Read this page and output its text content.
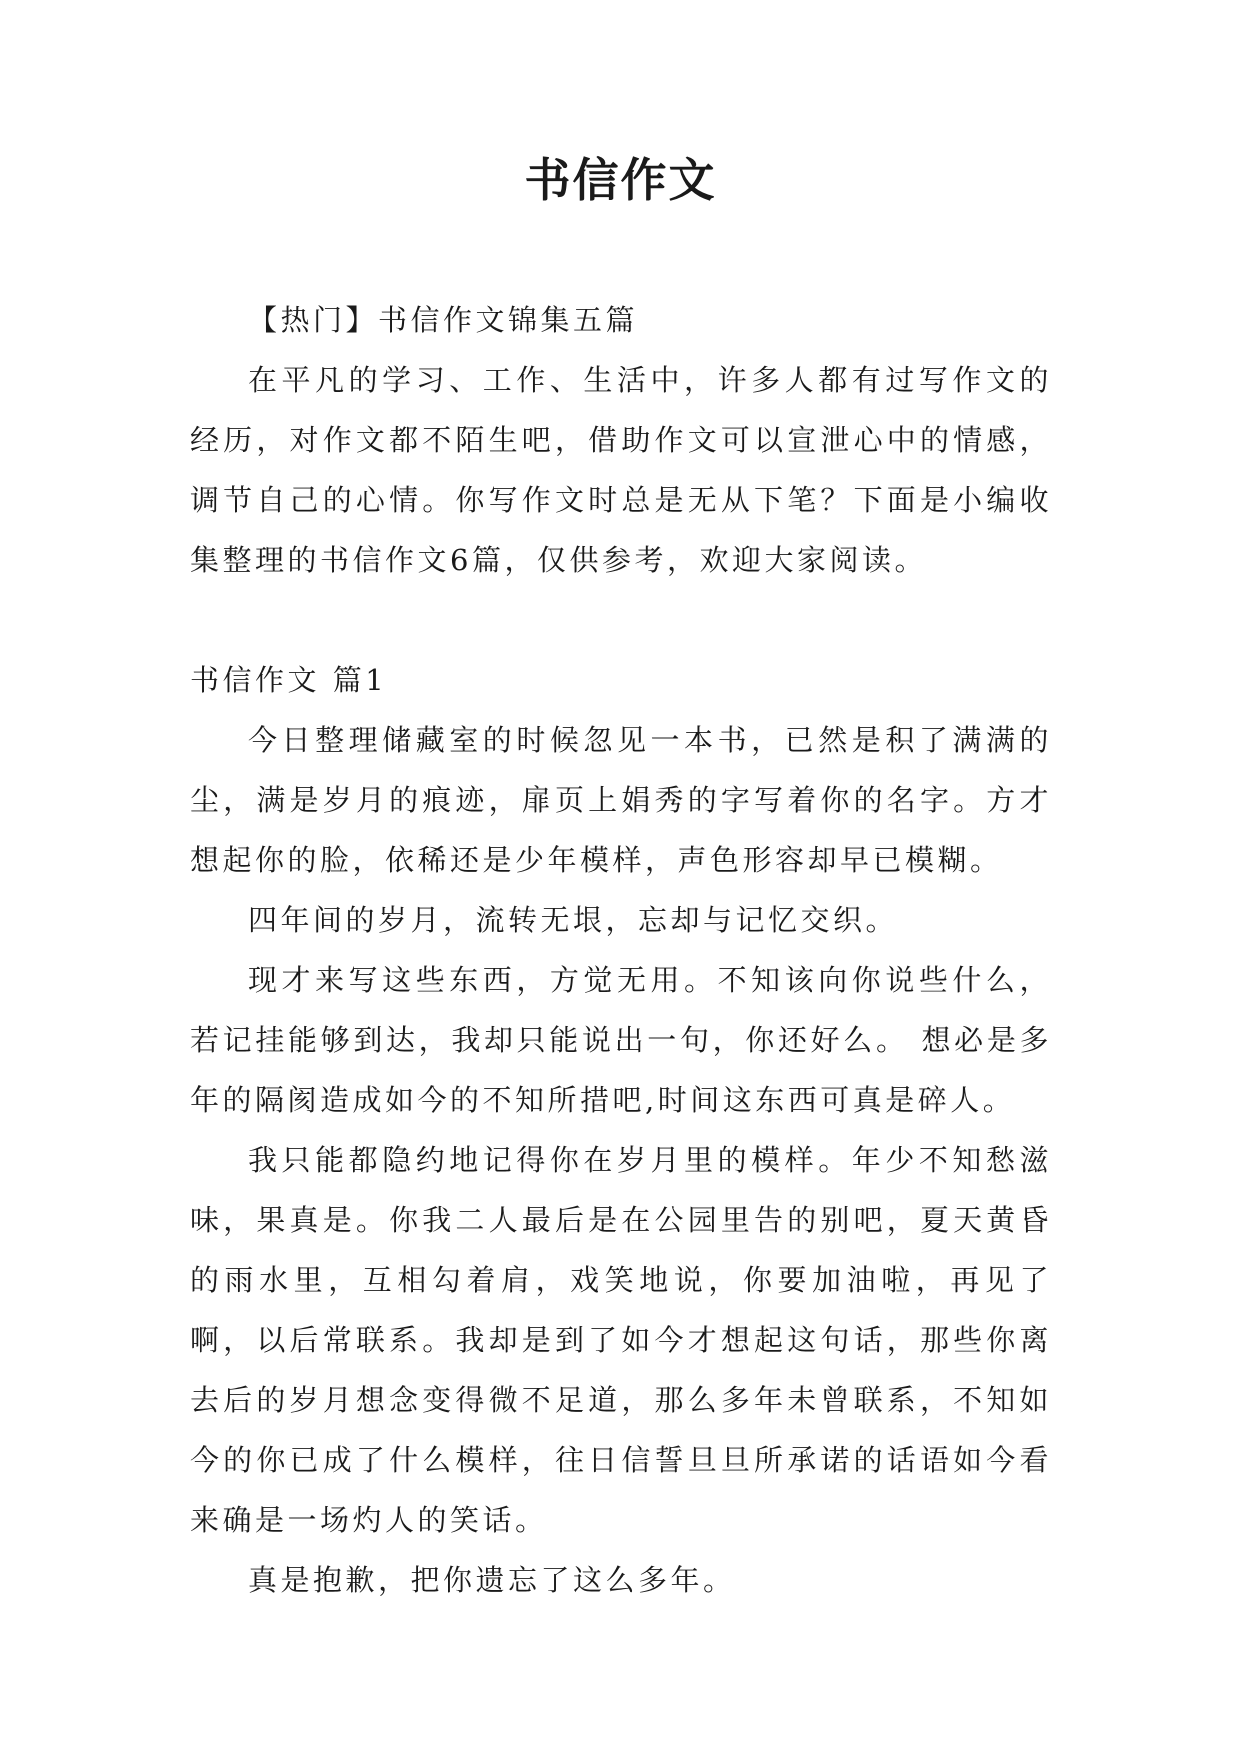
书信作文

【热门】书信作文锦集五篇

在平凡的学习、工作、生活中，许多人都有过写作文的经历，对作文都不陌生吧，借助作文可以宣泄心中的情感，调节自己的心情。你写作文时总是无从下笔？下面是小编收集整理的书信作文6篇，仅供参考，欢迎大家阅读。

书信作文 篇1

今日整理储藏室的时候忽见一本书，已然是积了满满的尘，满是岁月的痕迹，扉页上娟秀的字写着你的名字。方才想起你的脸，依稀还是少年模样，声色形容却早已模糊。

四年间的岁月，流转无垠，忘却与记忆交织。

现才来写这些东西，方觉无用。不知该向你说些什么，若记挂能够到达，我却只能说出一句，你还好么。 想必是多年的隔阂造成如今的不知所措吧,时间这东西可真是碎人。

我只能都隐约地记得你在岁月里的模样。年少不知愁滋味，果真是。你我二人最后是在公园里告的别吧，夏天黄昏的雨水里，互相勾着肩，戏笑地说，你要加油啦，再见了啊，以后常联系。我却是到了如今才想起这句话，那些你离去后的岁月想念变得微不足道，那么多年未曾联系，不知如今的你已成了什么模样，往日信誓旦旦所承诺的话语如今看来确是一场灼人的笑话。

真是抱歉，把你遗忘了这么多年。
